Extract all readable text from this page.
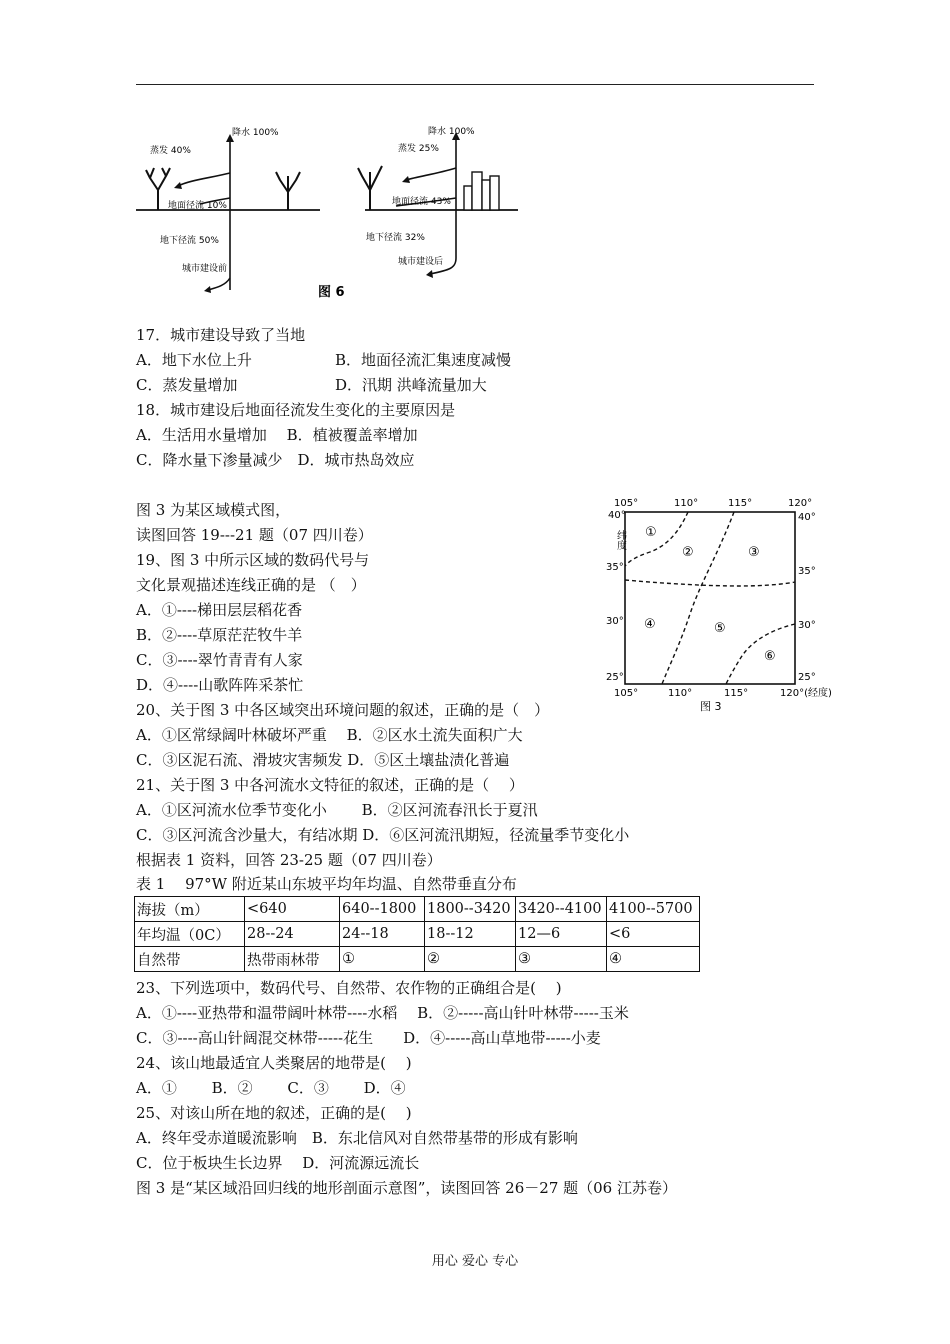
降水 100%
蒸发 40%
地面径流 10%
地下径流 50%
城市建设前
降水 100%
蒸发 25%
地面径流 43%
地下径流 32%
城市建设后
图 6
17．城市建设导致了当地
A．地下水位上升	B．地面径流汇集速度减慢
C．蒸发量增加	D．汛期 洪峰流量加大
18．城市建设后地面径流发生变化的主要原因是
A．生活用水量增加　 B．植被覆盖率增加
C．降水量下渗量减少　D．城市热岛效应
图 3 为某区域模式图，
读图回答 19---21 题（07 四川卷）
19、图 3 中所示区域的数码代号与
文化景观描述连线正确的是 （　）
A．①----梯田层层稻花香
B．②----草原茫茫牧牛羊
C．③----翠竹青青有人家
D．④----山歌阵阵采茶忙
20、关于图 3 中各区域突出环境问题的叙述，正确的是（　）
A．①区常绿阔叶林破坏严重　 B．②区水土流失面积广大
C．③区泥石流、滑坡灾害频发 D．⑤区土壤盐渍化普遍
21、关于图 3 中各河流水文特征的叙述，正确的是（　 ）
A．①区河流水位季节变化小　　 B．②区河流春汛长于夏汛
C．③区河流含沙量大，有结冰期 D．⑥区河流汛期短，径流量季节变化小
根据表 1 资料，回答 23-25 题（07 四川卷）
表 1　 97°W 附近某山东坡平均年均温、自然带垂直分布
①
②	③
④	⑤
⑥
105°	110°	115°	120°
105°	110°	115°	120°(经度)
40°
35°
30°
25°
纬度
40°
35°
30°
25°
图 3
海拔（m）	<640	640--1800	1800--3420	3420--4100	4100--5700
年均温（0C）	28--24	24--18	18--12	12—6	<6
自然带	热带雨林带	①	②	③	④
23、下列选项中，数码代号、自然带、农作物的正确组合是(　 )
A．①----亚热带和温带阔叶林带----水稻　 B．②-----高山针叶林带-----玉米
C．③----高山针阔混交林带-----花生　　D．④-----高山草地带-----小麦
24、该山地最适宜人类聚居的地带是(　 )
A．①　　 B．②　　 C．③　　 D．④
25、对该山所在地的叙述，正确的是(　 )
A．终年受赤道暖流影响　B．东北信风对自然带基带的形成有影响
C．位于板块生长边界　 D．河流源远流长
图 3 是“某区域沿回归线的地形剖面示意图”，读图回答 26－27 题（06 江苏卷）
用心 爱心 专心
